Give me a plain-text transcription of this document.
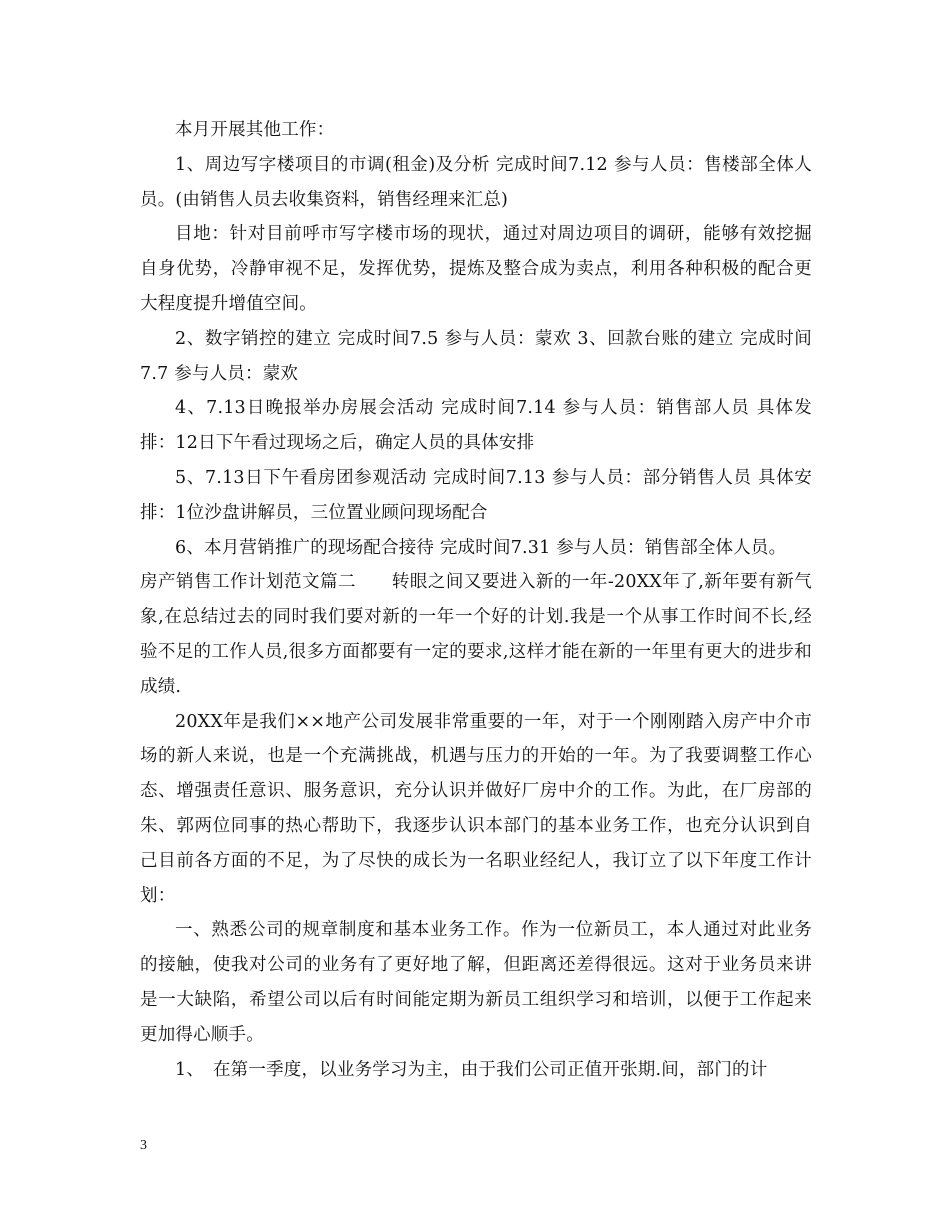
本月开展其他工作：

1、周边写字楼项目的市调(租金)及分析 完成时间7.12 参与人员：售楼部全体人员。(由销售人员去收集资料，销售经理来汇总)

目地：针对目前呼市写字楼市场的现状，通过对周边项目的调研，能够有效挖掘自身优势，冷静审视不足，发挥优势，提炼及整合成为卖点，利用各种积极的配合更大程度提升增值空间。

2、数字销控的建立 完成时间7.5 参与人员：蒙欢 3、回款台账的建立 完成时间7.7 参与人员：蒙欢

4、7.13日晚报举办房展会活动 完成时间7.14 参与人员：销售部人员 具体发排：12日下午看过现场之后，确定人员的具体安排

5、7.13日下午看房团参观活动 完成时间7.13 参与人员：部分销售人员 具体安排：1位沙盘讲解员，三位置业顾问现场配合

6、本月营销推广的现场配合接待 完成时间7.31 参与人员：销售部全体人员。

房产销售工作计划范文篇二　　转眼之间又要进入新的一年-20XX年了,新年要有新气象,在总结过去的同时我们要对新的一年一个好的计划.我是一个从事工作时间不长,经验不足的工作人员,很多方面都要有一定的要求,这样才能在新的一年里有更大的进步和成绩.

20XX年是我们××地产公司发展非常重要的一年，对于一个刚刚踏入房产中介市场的新人来说，也是一个充满挑战，机遇与压力的开始的一年。为了我要调整工作心态、增强责任意识、服务意识，充分认识并做好厂房中介的工作。为此，在厂房部的朱、郭两位同事的热心帮助下，我逐步认识本部门的基本业务工作，也充分认识到自己目前各方面的不足，为了尽快的成长为一名职业经纪人，我订立了以下年度工作计划：

一、熟悉公司的规章制度和基本业务工作。作为一位新员工，本人通过对此业务的接触，使我对公司的业务有了更好地了解，但距离还差得很远。这对于业务员来讲是一大缺陷，希望公司以后有时间能定期为新员工组织学习和培训，以便于工作起来更加得心顺手。

1、　在第一季度，以业务学习为主，由于我们公司正值开张期.间，部门的计

3
